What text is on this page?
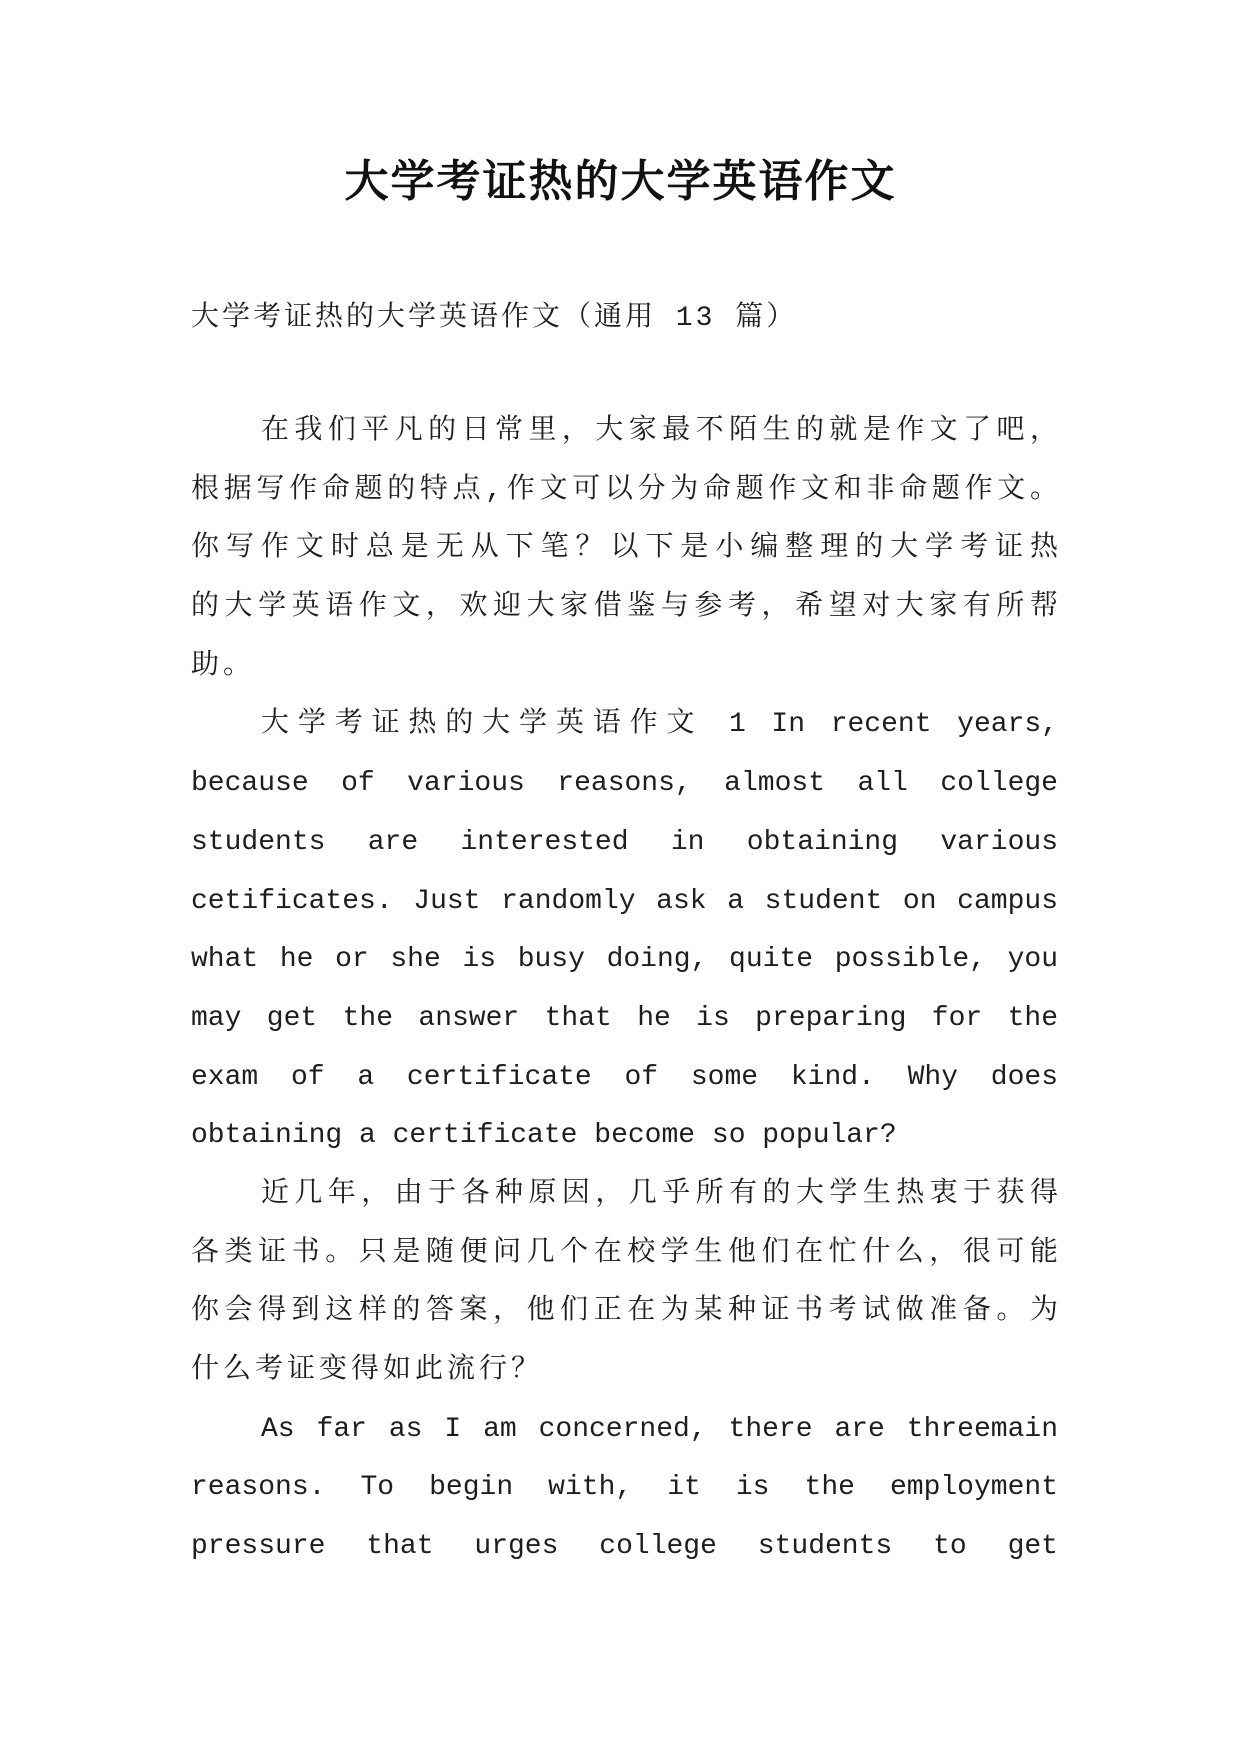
大学考证热的大学英语作文
大学考证热的大学英语作文（通用 13 篇）
在我们平凡的日常里，大家最不陌生的就是作文了吧，
根据写作命题的特点,作文可以分为命题作文和非命题作文。
你写作文时总是无从下笔？以下是小编整理的大学考证热
的大学英语作文，欢迎大家借鉴与参考，希望对大家有所帮
助。
大学考证热的大学英语作文 1 In recent years,
because of various reasons, almost all college
students are interested in obtaining various
cetificates. Just randomly ask a student on campus
what he or she is busy doing, quite possible, you
may get the answer that he is preparing for the
exam of a certificate of some kind. Why does
obtaining a certificate become so popular?
近几年，由于各种原因，几乎所有的大学生热衷于获得
各类证书。只是随便问几个在校学生他们在忙什么，很可能
你会得到这样的答案，他们正在为某种证书考试做准备。为
什么考证变得如此流行？
As far as I am concerned, there are threemain
reasons. To begin with, it is the employment
pressure that urges college students to get
